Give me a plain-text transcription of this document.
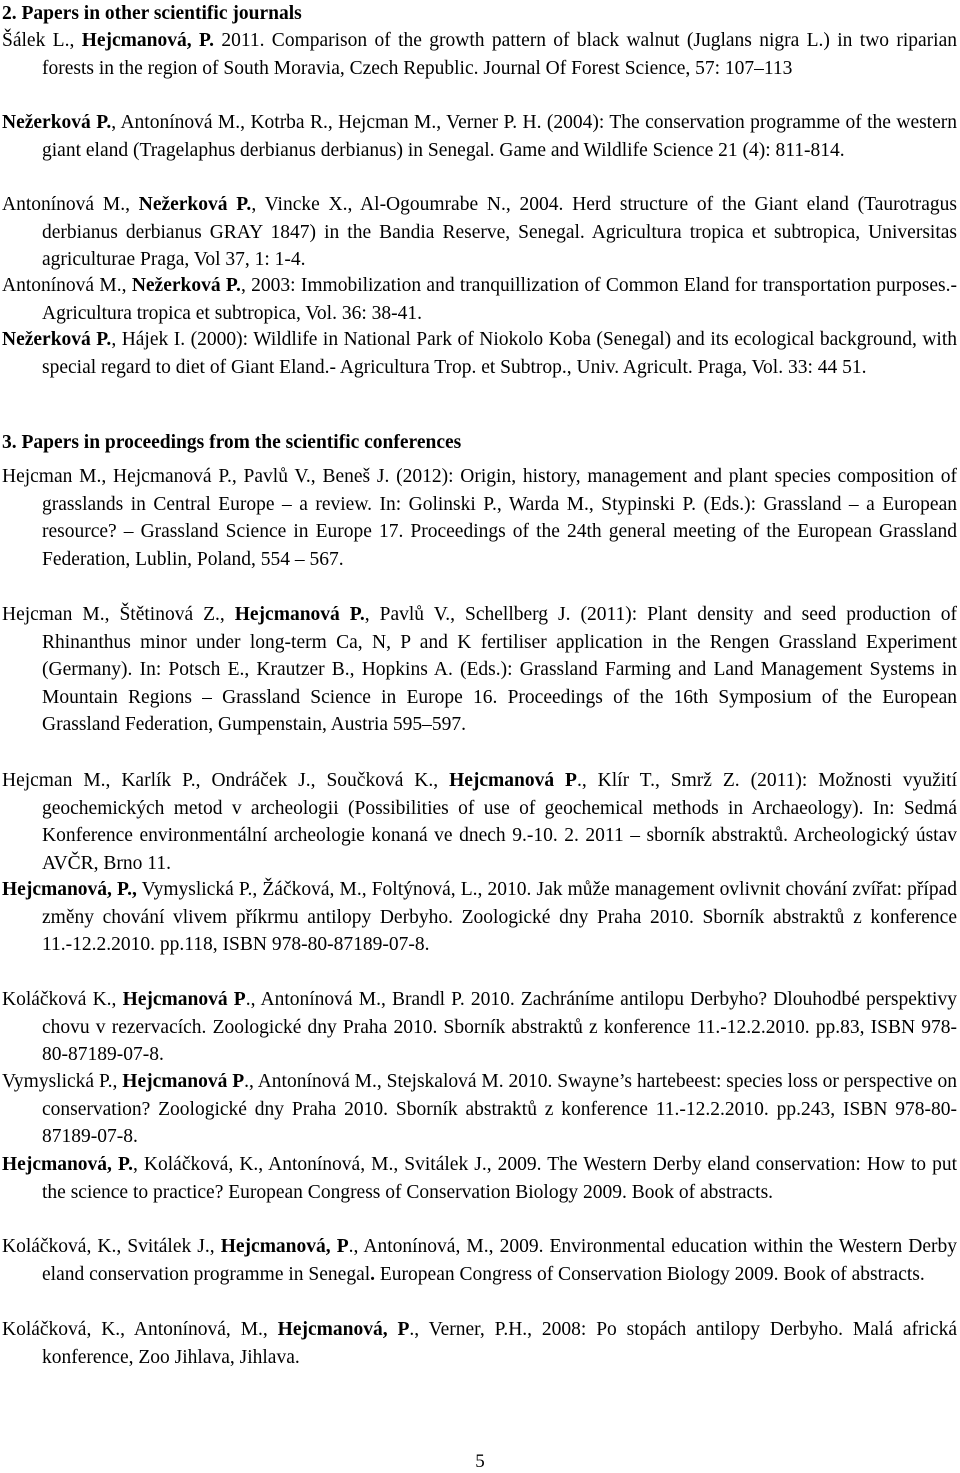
2. Papers in other scientific journals
Šálek L., Hejcmanová, P. 2011. Comparison of the growth pattern of black walnut (Juglans nigra L.) in two riparian forests in the region of South Moravia, Czech Republic. Journal Of Forest Science, 57: 107–113
Nežerková P., Antonínová M., Kotrba R., Hejcman M., Verner P. H. (2004): The conservation programme of the western giant eland (Tragelaphus derbianus derbianus) in Senegal. Game and Wildlife Science 21 (4): 811-814.
Antonínová M., Nežerková P., Vincke X., Al-Ogoumrabe N., 2004. Herd structure of the Giant eland (Taurotragus derbianus derbianus GRAY 1847) in the Bandia Reserve, Senegal. Agricultura tropica et subtropica, Universitas agriculturae Praga, Vol 37, 1: 1-4.
Antonínová M., Nežerková P., 2003: Immobilization and tranquillization of Common Eland for transportation purposes.- Agricultura tropica et subtropica, Vol. 36: 38-41.
Nežerková P., Hájek I. (2000): Wildlife in National Park of Niokolo Koba (Senegal) and its ecological background, with special regard to diet of Giant Eland.- Agricultura Trop. et Subtrop., Univ. Agricult. Praga, Vol. 33: 44 51.
3. Papers in proceedings from the scientific conferences
Hejcman M., Hejcmanová P., Pavlů V., Beneš J. (2012): Origin, history, management and plant species composition of grasslands in Central Europe – a review. In: Golinski P., Warda M., Stypinski P. (Eds.): Grassland – a European resource? – Grassland Science in Europe 17. Proceedings of the 24th general meeting of the European Grassland Federation, Lublin, Poland, 554 – 567.
Hejcman M., Štětinová Z., Hejcmanová P., Pavlů V., Schellberg J. (2011): Plant density and seed production of Rhinanthus minor under long-term Ca, N, P and K fertiliser application in the Rengen Grassland Experiment (Germany). In: Potsch E., Krautzer B., Hopkins A. (Eds.): Grassland Farming and Land Management Systems in Mountain Regions – Grassland Science in Europe 16. Proceedings of the 16th Symposium of the European Grassland Federation, Gumpenstain, Austria 595–597.
Hejcman M., Karlík P., Ondráček J., Součková K., Hejcmanová P., Klír T., Smrž Z. (2011): Možnosti využití geochemických metod v archeologii (Possibilities of use of geochemical methods in Archaeology). In: Sedmá Konference environmentální archeologie konaná ve dnech 9.-10. 2. 2011 – sborník abstraktů. Archeologický ústav AVČR, Brno 11.
Hejcmanová, P., Vymyslická P., Žáčková, M., Foltýnová, L., 2010. Jak může management ovlivnit chování zvířat: případ změny chování vlivem příkrmu antilopy Derbyho. Zoologické dny Praha 2010. Sborník abstraktů z konference 11.-12.2.2010. pp.118, ISBN 978-80-87189-07-8.
Koláčková K., Hejcmanová P., Antonínová M., Brandl P. 2010. Zachráníme antilopu Derbyho? Dlouhodbé perspektivy chovu v rezervacích. Zoologické dny Praha 2010. Sborník abstraktů z konference 11.-12.2.2010. pp.83, ISBN 978-80-87189-07-8.
Vymyslická P., Hejcmanová P., Antonínová M., Stejskalová M. 2010. Swayne’s hartebeest: species loss or perspective on conservation? Zoologické dny Praha 2010. Sborník abstraktů z konference 11.-12.2.2010. pp.243, ISBN 978-80-87189-07-8.
Hejcmanová, P., Koláčková, K., Antonínová, M., Svitálek J., 2009. The Western Derby eland conservation: How to put the science to practice? European Congress of Conservation Biology 2009. Book of abstracts.
Koláčková, K., Svitálek J., Hejcmanová, P., Antonínová, M., 2009. Environmental education within the Western Derby eland conservation programme in Senegal. European Congress of Conservation Biology 2009. Book of abstracts.
Koláčková, K., Antonínová, M., Hejcmanová, P., Verner, P.H., 2008: Po stopách antilopy Derbyho. Malá africká konference, Zoo Jihlava, Jihlava.
5
